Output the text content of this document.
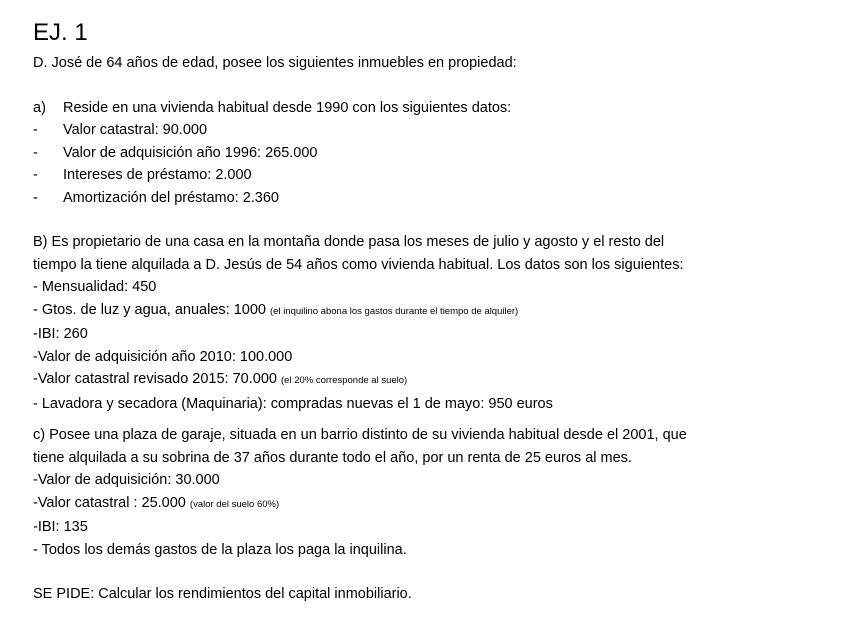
EJ. 1
D. José de 64 años de edad, posee los siguientes inmuebles en propiedad:
a)	Reside en una vivienda habitual desde 1990 con los siguientes datos:
-	Valor catastral: 90.000
-	Valor de adquisición año 1996: 265.000
-	Intereses de préstamo: 2.000
-	Amortización del préstamo: 2.360
B) Es propietario de una casa en la montaña donde pasa los meses de julio y agosto y el resto del
tiempo la tiene alquilada a D. Jesús de 54 años como vivienda habitual. Los datos son los siguientes:
- Mensualidad: 450
- Gtos. de luz y agua, anuales: 1000 (el inquilino abona los gastos durante el tiempo de alquiler)
-IBI: 260
-Valor de adquisición año 2010: 100.000
-Valor catastral revisado 2015: 70.000 (el 20% corresponde al suelo)
- Lavadora y secadora (Maquinaria): compradas nuevas el 1 de mayo: 950 euros
c) Posee una plaza de garaje, situada en un barrio distinto de su vivienda habitual desde el 2001, que
tiene alquilada a su sobrina de 37 años durante todo el año, por un renta de 25 euros al mes.
-Valor de adquisición: 30.000
-Valor catastral : 25.000 (valor del suelo 60%)
-IBI: 135
- Todos los demás gastos de la plaza los paga la inquilina.
SE PIDE: Calcular los rendimientos del capital inmobiliario.
